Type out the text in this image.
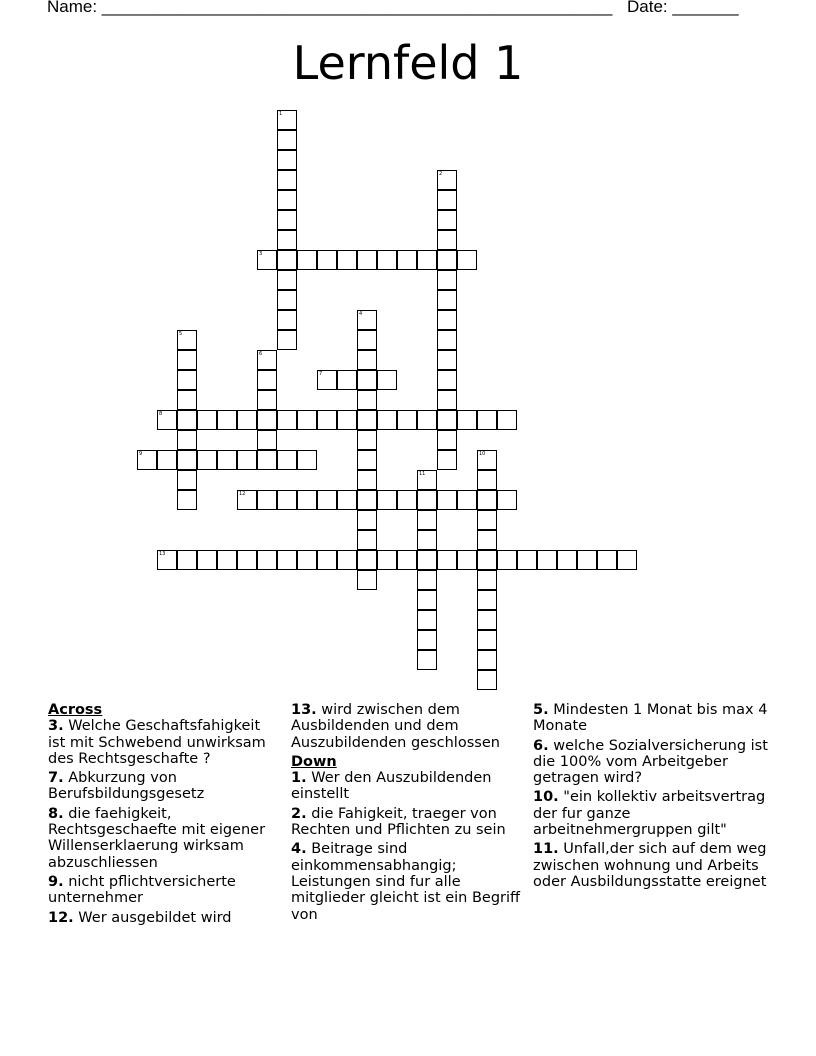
Name: ______________________________________________________ Date: _______
Lernfeld 1
1
2
3
4
5
6
7
8
9	10
11
12
13

Across

3. Welche Geschaftsfahigkeit ist mit Schwebend unwirksam des Rechtsgeschafte ?

7. Abkurzung von Berufsbildungsgesetz

8. die faehigkeit, Rechtsgeschaefte mit eigener Willenserklaerung wirksam abzuschliessen

9. nicht pflichtversicherte unternehmer

12. Wer ausgebildet wird

13. wird zwischen dem Ausbildenden und dem Auszubildenden geschlossen

Down

1. Wer den Auszubildenden einstellt

2. die Fahigkeit, traeger von Rechten und Pflichten zu sein

4. Beitrage sind einkommensabhangig; Leistungen sind fur alle mitglieder gleicht ist ein Begriff von

5. Mindesten 1 Monat bis max 4 Monate

6. welche Sozialversicherung ist die 100% vom Arbeitgeber getragen wird?

10. "ein kollektiv arbeitsvertrag der fur ganze arbeitnehmergruppen gilt"

11. Unfall,der sich auf dem weg zwischen wohnung und Arbeits oder Ausbildungsstatte ereignet
